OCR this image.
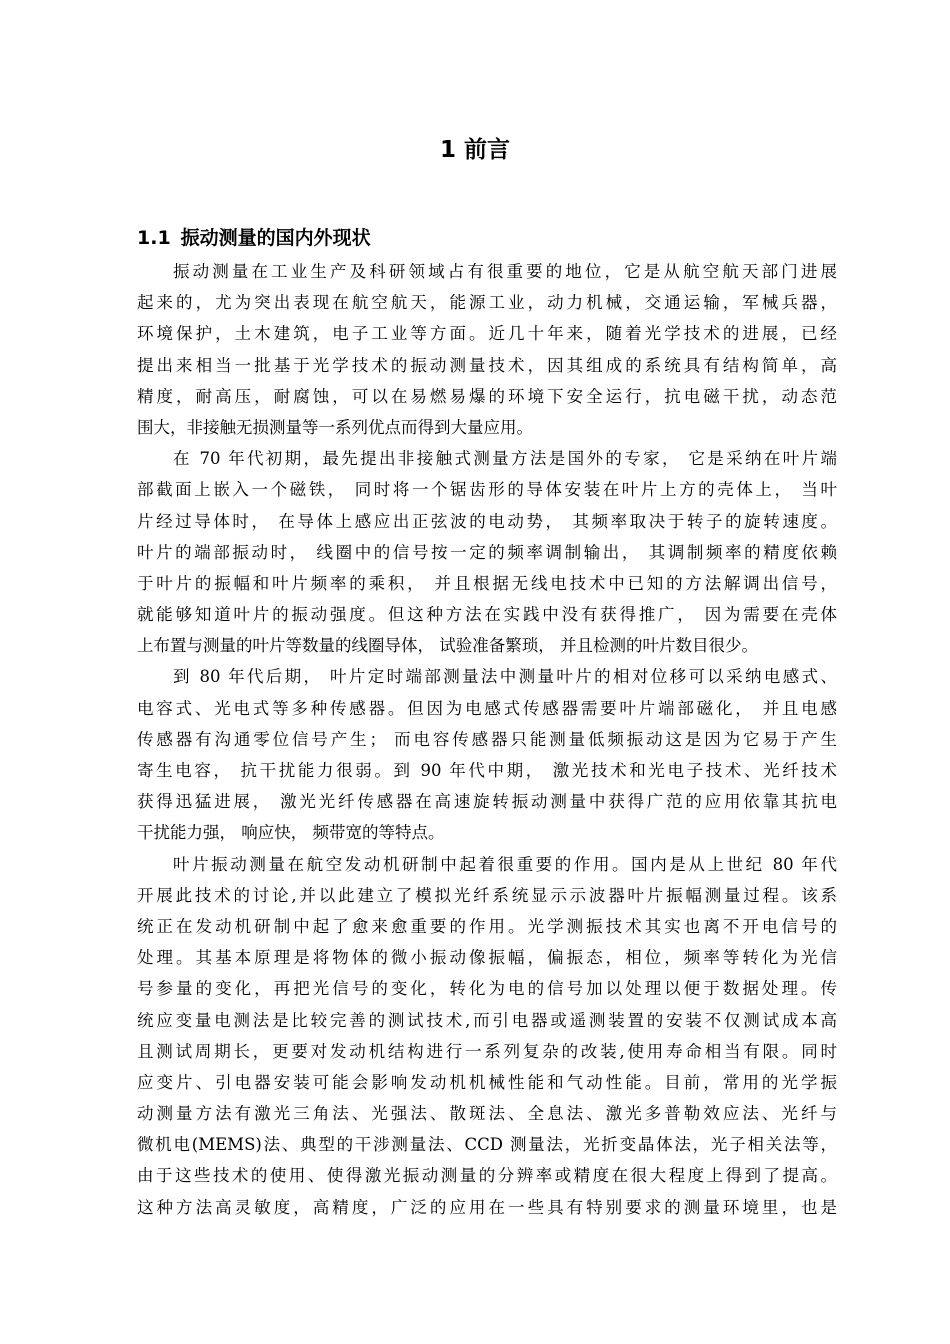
1 前言
1.1 振动测量的国内外现状
振动测量在工业生产及科研领域占有很重要的地位，它是从航空航天部门进展
起来的，尤为突出表现在航空航天，能源工业，动力机械，交通运输，军械兵器，
环境保护，土木建筑，电子工业等方面。近几十年来，随着光学技术的进展，已经
提出来相当一批基于光学技术的振动测量技术，因其组成的系统具有结构简单，高
精度，耐高压，耐腐蚀，可以在易燃易爆的环境下安全运行，抗电磁干扰，动态范
围大，非接触无损测量等一系列优点而得到大量应用。
在 70 年代初期，最先提出非接触式测量方法是国外的专家， 它是采纳在叶片端
部截面上嵌入一个磁铁， 同时将一个锯齿形的导体安装在叶片上方的壳体上， 当叶
片经过导体时， 在导体上感应出正弦波的电动势， 其频率取决于转子的旋转速度。
叶片的端部振动时， 线圈中的信号按一定的频率调制输出， 其调制频率的精度依赖
于叶片的振幅和叶片频率的乘积， 并且根据无线电技术中已知的方法解调出信号，
就能够知道叶片的振动强度。但这种方法在实践中没有获得推广， 因为需要在壳体
上布置与测量的叶片等数量的线圈导体， 试验准备繁琐， 并且检测的叶片数目很少。
到 80 年代后期， 叶片定时端部测量法中测量叶片的相对位移可以采纳电感式、
电容式、光电式等多种传感器。但因为电感式传感器需要叶片端部磁化， 并且电感
传感器有沟通零位信号产生； 而电容传感器只能测量低频振动这是因为它易于产生
寄生电容， 抗干扰能力很弱。到 90 年代中期， 激光技术和光电子技术、光纤技术
获得迅猛进展， 激光光纤传感器在高速旋转振动测量中获得广范的应用依靠其抗电
干扰能力强， 响应快， 频带宽的等特点。
叶片振动测量在航空发动机研制中起着很重要的作用。国内是从上世纪 80 年代
开展此技术的讨论,并以此建立了模拟光纤系统显示示波器叶片振幅测量过程。该系
统正在发动机研制中起了愈来愈重要的作用。光学测振技术其实也离不开电信号的
处理。其基本原理是将物体的微小振动像振幅，偏振态，相位，频率等转化为光信
号参量的变化，再把光信号的变化，转化为电的信号加以处理以便于数据处理。传
统应变量电测法是比较完善的测试技术,而引电器或遥测装置的安装不仅测试成本高
且测试周期长，更要对发动机结构进行一系列复杂的改装,使用寿命相当有限。同时
应变片、引电器安装可能会影响发动机机械性能和气动性能。目前，常用的光学振
动测量方法有激光三角法、光强法、散斑法、全息法、激光多普勒效应法、光纤与
微机电(MEMS)法、典型的干涉测量法、CCD 测量法，光折变晶体法，光子相关法等，
由于这些技术的使用、使得激光振动测量的分辨率或精度在很大程度上得到了提高。
这种方法高灵敏度，高精度，广泛的应用在一些具有特别要求的测量环境里，也是
